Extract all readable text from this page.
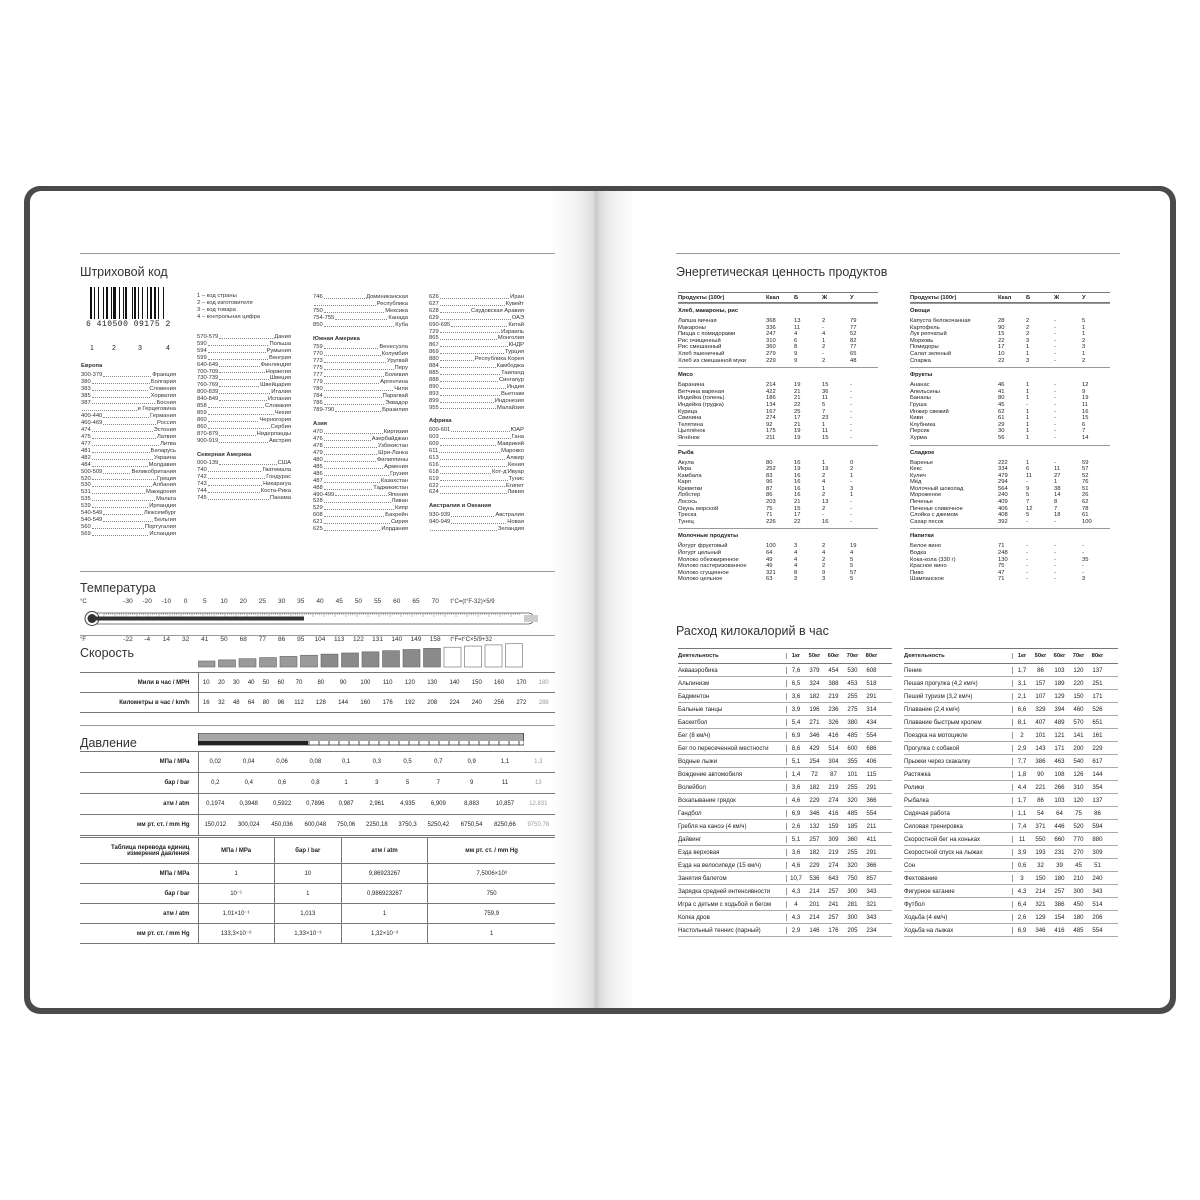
Штриховой код
6 410500 09175 2
1	2	3	4
1 – код страны
2 – код изготовителя
3 – код товара
4 – контрольная цифра
Европа
300-379	Франция
380	Болгария
383	Словения
385	Хорватия
387	Босния
и Герцеговина
400-440	Германия
460-469	Россия
474	Эстония
475	Латвия
477	Литва
481	Беларусь
482	Украина
484	Молдавия
500-509	Великобритания
520	Греция
530	Албания
531	Македония
535	Мальта
539	Ирландия
540-549	Люксембург
540-549	Бельгия
560	Португалия
569	Исландия
570-579	Дания
590	Польша
594	Румыния
599	Венгрия
640-649	Финляндия
700-709	Норвегия
730-739	Швеция
760-769	Швейцария
800-839	Италия
840-849	Испания
858	Словакия
859	Чехия
860	Черногория
860	Сербия
870-879	Нидерланды
900-919	Австрия
Северная Америка
000-139	США
740	Гватемала
742	Гондурас
743	Никарагуа
744	Коста-Рика
745	Панама
746	Доминиканская
Республика
750	Мексика
754-755	Канада
850	Куба
Южная Америка
759	Венесуэла
770	Колумбия
773	Уругвай
775	Перу
777	Боливия
779	Аргентина
780	Чили
784	Парагвай
786	Эквадор
789-790	Бразилия
Азия
470	Киргизия
476	Азербайджан
478	Узбекистан
479	Шри-Ланка
480	Филиппины
485	Армения
486	Грузия
487	Казахстан
488	Таджикистан
490-499	Япония
528	Ливан
529	Кипр
608	Бахрейн
621	Сирия
625	Иордания
626	Иран
627	Кувейт
628	Саудовская Аравия
629	ОАЭ
690-695	Китай
729	Израиль
865	Монголия
867	КНДР
869	Турция
880	Республика Корея
884	Камбоджа
885	Таиланд
888	Сингапур
890	Индия
893	Вьетнам
899	Индонезия
955	Малайзия
Африка
600-601	ЮАР
603	Гана
609	Маврикий
611	Марокко
613	Алжир
616	Кения
618	Кот-д'Ивуар
619	Тунис
622	Египет
624	Ливия
Австралия и Океания
930-939	Австралия
940-949	Новая
Зеландия
Температура
°C	-30 -20 -10 0 5 10 20 25 30 35 40 45 50 55 60 65 70 t°C=(t°F-32)×5/9
°F	-22 -4 14 32 41 50 68 77 86 95 104 113 122 131 140 149 158 t°F=t°C×5/9+32
Скорость
Мили в час / MPH	10	20	30	40	50	60	70	80	90	100	110	120	130	140	150	160	170	180
Километры в час / km/h	16	32	48	64	80	96	112	128	144	160	176	192	208	224	240	256	272	288
Давление
МПа / МРа	0,02	0,04	0,06	0,08	0,1	0,3	0,5	0,7	0,9	1,1	1,3
бар / bar	0,2	0,4	0,6	0,8	1	3	5	7	9	11	13
атм / atm	0,1974	0,3948	0,5922	0,7896	0,987	2,961	4,935	6,909	8,883	10,857	12,831
мм рт. ст. / mm Hg	150,012	300,024	450,036	600,048	750,06	2250,18	3750,3	5250,42	6750,54	8250,66	9750,78
Таблица перевода единиц измерения давления	МПа / МРа	бар / bar	атм / atm	мм рт. ст. / mm Hg
МПа / МРа	1	10	9,86923267	7,5006×10³
бар / bar	10⁻¹	1	0,986923267	750
атм / atm	1,01×10⁻¹	1,013	1	759,9
мм рт. ст. / mm Hg	133,3×10⁻⁶	1,33×10⁻³	1,32×10⁻³	1
Энергетическая ценность продуктов
Продукты (100г)	Ккал	Б	Ж	У
Хлеб, макароны, рис
Лапша яичная	368	13	2	79
Макароны	336	11	-	77
Пицца с помидорами	247	4	4	52
Рис очищенный	310	6	1	82
Рис смешанный	360	8	2	77
Хлеб пшеничный	279	9	-	65
Хлеб из смешанной муки	229	9	2	48
Мясо
Баранина	214	19	15	-
Ветчина вареная	422	21	36	-
Индейка (голень)	186	21	11	-
Индейка (грудка)	134	22	5	-
Курица	167	25	7	-
Свинина	274	17	23	-
Телятина	92	21	1	-
Цыплёнок	175	19	11	-
Ягнёнок	211	19	15	-
Рыба
Акула	80	16	1	0
Икра	252	19	19	2
Камбала	83	16	2	1
Карп	96	16	4	-
Креветки	87	16	1	3
Лобстер	86	16	2	1
Лосось	203	21	13	-
Окунь морской	75	15	2	-
Треска	71	17	-	-
Тунец	226	22	16	-
Молочные продукты
Йогурт фруктовый	100	3	2	19
Йогурт цельный	64	4	4	4
Молоко обезжиренное	49	4	2	5
Молоко пастеризованное	49	4	2	5
Молоко сгущенное	321	8	9	57
Молоко цельное	63	3	3	5
Продукты (100г)	Ккал	Б	Ж	У
Овощи
Капуста белокочанная	28	2	-	5
Картофель	90	2	-	1
Лук репчатый	15	2	-	1
Морковь	22	3	-	2
Помидоры	17	1	-	3
Салат зеленый	10	1	-	1
Спаржа	22	3	-	2
Фрукты
Ананас	46	1	-	12
Апельсины	41	1	-	9
Бананы	80	1	-	19
Груша	45	-	-	11
Инжир свежий	62	1	-	16
Киви	61	1	-	15
Клубника	29	1	-	6
Персик	30	1	-	7
Хурма	56	1	-	14
Сладкое
Варенье	222	1	-	59
Кекс	334	6	11	57
Кулич	479	11	27	52
Мёд	294	-	1	76
Молочный шоколад	564	9	38	51
Мороженое	240	5	14	26
Печенье	409	7	8	62
Печенье сливочное	406	12	7	78
Слойка с джемом	408	5	18	61
Сахар песок	392	-	-	100
Напитки
Белое вино	71	-	-	-
Водка	248	-	-	-
Кока-кола (330 г)	130	-	-	35
Красное вино	75	-	-	-
Пиво	47	-	-	-
Шампанское	71	-	-	3
Расход килокалорий в час
Деятельность	1кг	50кг	60кг	70кг	80кг
Аквааэробика	7,6	379	454	530	608
Альпинизм	6,5	324	388	453	518
Бадминтон	3,6	182	219	255	291
Бальные танцы	3,9	196	236	275	314
Баскетбол	5,4	271	326	380	434
Бег (8 км/ч)	6,9	346	416	485	554
Бег по пересеченной местности	8,6	429	514	600	686
Водные лыжи	5,1	254	304	355	406
Вождение автомобиля	1,4	72	87	101	115
Волейбол	3,6	182	219	255	291
Вскапывание грядок	4,6	229	274	320	366
Гандбол	6,9	346	416	485	554
Гребля на каноэ (4 км/ч)	2,6	132	159	185	211
Дайвинг	5,1	257	309	360	411
Езда верховая	3,6	182	219	255	291
Езда на велосипеде (15 км/ч)	4,6	229	274	320	366
Занятия балетом	10,7	536	643	750	857
Зарядка средней интенсивности	4,3	214	257	300	343
Игра с детьми с ходьбой и бегом	4	201	241	281	321
Колка дров	4,3	214	257	300	343
Настольный теннис (парный)	2,9	146	176	205	234
Деятельность	1кг	50кг	60кг	70кг	80кг
Пение	1,7	86	103	120	137
Пешая прогулка (4,2 км/ч)	3,1	157	189	220	251
Пеший туризм (3,2 км/ч)	2,1	107	129	150	171
Плавание (2,4 км/ч)	6,6	329	394	460	526
Плавание быстрым кролем	8,1	407	489	570	651
Поездка на мотоцикле	2	101	121	141	161
Прогулка с собакой	2,9	143	171	200	229
Прыжки через скакалку	7,7	386	463	540	617
Растяжка	1,8	90	108	126	144
Ролики	4,4	221	266	310	354
Рыбалка	1,7	86	103	120	137
Сидячая работа	1,1	54	64	75	86
Силовая тренировка	7,4	371	446	520	594
Скоростной бег на коньках	11	550	660	770	880
Скоростной спуск на лыжах	3,9	193	231	270	309
Сон	0,6	32	39	45	51
Фехтование	3	150	180	210	240
Фигурное катание	4,3	214	257	300	343
Футбол	6,4	321	386	450	514
Ходьба (4 км/ч)	2,6	129	154	180	206
Ходьба на лыжах	6,9	346	416	485	554
